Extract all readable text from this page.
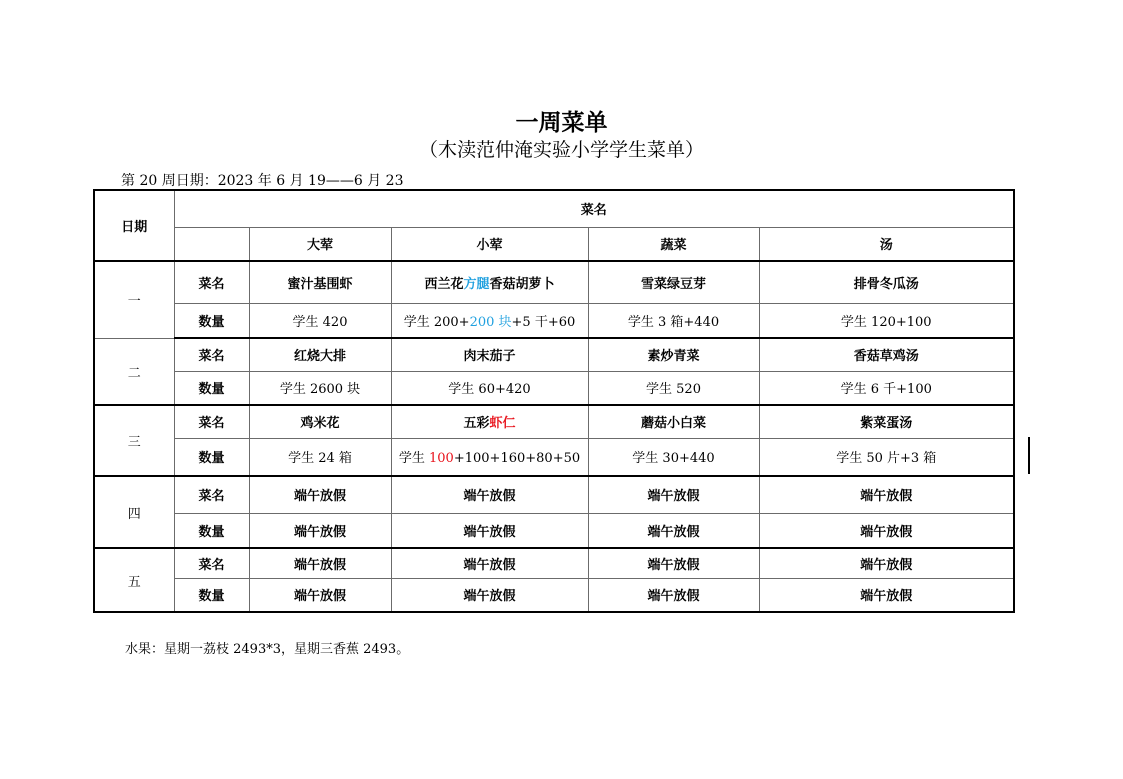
一周菜单
（木渎范仲淹实验小学学生菜单）
第 20 周日期：2023 年 6 月 19——6 月 23
日期	菜名				
		大荤	小荤	蔬菜	汤
一	菜名	蜜汁基围虾	西兰花方腿香菇胡萝卜	雪菜绿豆芽	排骨冬瓜汤
	数量	学生 420	学生 200+200 块+5 干+60	学生 3 箱+440	学生 120+100
二	菜名	红烧大排	肉末茄子	素炒青菜	香菇草鸡汤
	数量	学生 2600 块	学生 60+420	学生 520	学生 6 千+100
三	菜名	鸡米花	五彩虾仁	蘑菇小白菜	紫菜蛋汤
	数量	学生 24 箱	学生 100+100+160+80+50	学生 30+440	学生 50 片+3 箱
四	菜名	端午放假	端午放假	端午放假	端午放假
	数量	端午放假	端午放假	端午放假	端午放假
五	菜名	端午放假	端午放假	端午放假	端午放假
	数量	端午放假	端午放假	端午放假	端午放假
水果：星期一荔枝 2493*3，星期三香蕉 2493。
